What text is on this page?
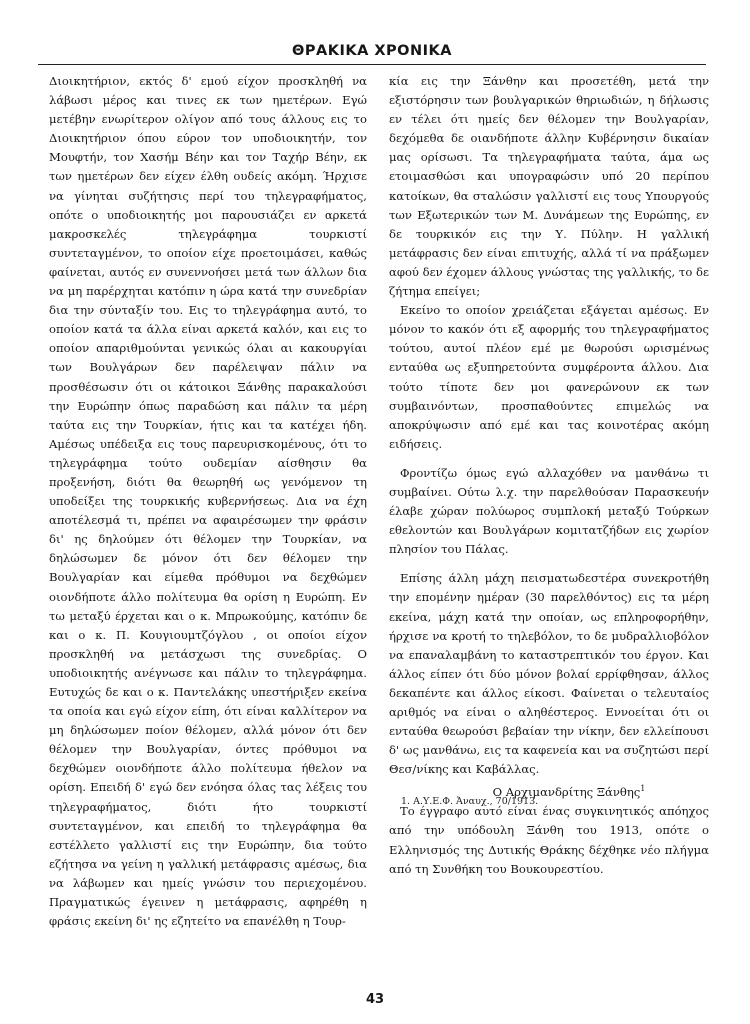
ΘΡΑΚΙΚΑ ΧΡΟΝΙΚΑ

Διοικητήριον, εκτός δ' εμού είχον προσκληθή να λάβωσι μέρος και τινες εκ των ημετέρων. Εγώ μετέβην ενωρίτερον ολίγον από τους άλλους εις το Διοικητήριον όπου εύρον τον υποδιοικητήν, τον Μουφτήν, τον Χασήμ Βέην και τον Ταχήρ Βέην, εκ των ημετέρων δεν είχεν έλθη ουδείς ακόμη. Ήρχισε να γίνηται συζήτησις περί του τηλεγραφήματος, οπότε ο υποδιοικητής μοι παρουσιάζει εν αρκετά μακροσκελές τηλεγράφημα τουρκιστί συντεταγμένον, το οποίον είχε προετοιμάσει, καθώς φαίνεται, αυτός εν συνεννοήσει μετά των άλλων δια να μη παρέρχηται κατόπιν η ώρα κατά την συνεδρίαν δια την σύνταξίν του. Εις το τηλεγράφημα αυτό, το οποίον κατά τα άλλα είναι αρκετά καλόν, και εις το οποίον απαριθμούνται γενικώς όλαι αι κακουργίαι των Βουλγάρων δεν παρέλειψαν πάλιν να προσθέσωσιν ότι οι κάτοικοι Ξάνθης παρακαλούσι την Ευρώπην όπως παραδώση και πάλιν τα μέρη ταύτα εις την Τουρκίαν, ήτις και τα κατέχει ήδη. Αμέσως υπέδειξα εις τους παρευρισκομένους, ότι το τηλεγράφημα τούτο ουδεμίαν αίσθησιν θα προξενήση, διότι θα θεωρηθή ως γενόμενον τη υποδείξει της τουρκικής κυβερνήσεως. Δια να έχη αποτέλεσμά τι, πρέπει να αφαιρέσωμεν την φράσιν δι' ης δηλούμεν ότι θέλομεν την Τουρκίαν, να δηλώσωμεν δε μόνον ότι δεν θέλομεν την Βουλγαρίαν και είμεθα πρόθυμοι να δεχθώμεν οιονδήποτε άλλο πολίτευμα θα ορίση η Ευρώπη. Εν τω μεταξύ έρχεται και ο κ. Μπρωκούμης, κατόπιν δε και ο κ. Π. Κουγιουμτζόγλου , οι οποίοι είχον προσκληθή να μετάσχωσι της συνεδρίας. Ο υποδιοικητής ανέγνωσε και πάλιν το τηλεγράφημα. Ευτυχώς δε και ο κ. Παντελάκης υπεστήριξεν εκείνα τα οποία και εγώ είχον είπη, ότι είναι καλλίτερον να μη δηλώσωμεν ποίον θέλομεν, αλλά μόνον ότι δεν θέλομεν την Βουλγαρίαν, όντες πρόθυμοι να δεχθώμεν οιονδήποτε άλλο πολίτευμα ήθελον να ορίση. Επειδή δ' εγώ δεν ενόησα όλας τας λέξεις του τηλεγραφήματος, διότι ήτο τουρκιστί συντεταγμένον, και επειδή το τηλεγράφημα θα εστέλλετο γαλλιστί εις την Ευρώπην, δια τούτο εζήτησα να γείνη η γαλλική μετάφρασις αμέσως, δια να λάβωμεν και ημείς γνώσιν του περιεχομένου. Πραγματικώς έγεινεν η μετάφρασις, αφηρέθη η φράσις εκείνη δι' ης εζητείτο να επανέλθη η Τουρ-

κία εις την Ξάνθην και προσετέθη, μετά την εξιστόρησιν των βουλγαρικών θηριωδιών, η δήλωσις εν τέλει ότι ημείς δεν θέλομεν την Βουλγαρίαν, δεχόμεθα δε οιανδήποτε άλλην Κυβέρνησιν δικαίαν μας ορίσωσι. Τα τηλεγραφήματα ταύτα, άμα ως ετοιμασθώσι και υπογραφώσιν υπό 20 περίπου κατοίκων, θα σταλώσιν γαλλιστί εις τους Υπουργούς των Εξωτερικών των Μ. Δυνάμεων της Ευρώπης, εν δε τουρκικόν εις την Υ. Πύλην. Η γαλλική μετάφρασις δεν είναι επιτυχής, αλλά τί να πράξωμεν αφού δεν έχομεν άλλους γνώστας της γαλλικής, το δε ζήτημα επείγει;

Εκείνο το οποίον χρειάζεται εξάγεται αμέσως. Εν μόνον το κακόν ότι εξ αφορμής του τηλεγραφήματος τούτου, αυτοί πλέον εμέ με θωρούσι ωρισμένως ενταύθα ως εξυπηρετούντα συμφέροντα άλλου. Δια τούτο τίποτε δεν μοι φανερώνουν εκ των συμβαινόντων, προσπαθούντες επιμελώς να αποκρύψωσιν από εμέ και τας κοινοτέρας ακόμη ειδήσεις.

Φροντίζω όμως εγώ αλλαχόθεν να μανθάνω τι συμβαίνει. Ούτω λ.χ. την παρελθούσαν Παρασκευήν έλαβε χώραν πολύωρος συμπλοκή μεταξύ Τούρκων εθελοντών και Βουλγάρων κομιτατζήδων εις χωρίον πλησίον του Πάλας.

Επίσης άλλη μάχη πεισματωδεστέρα συνεκροτήθη την επομένην ημέραν (30 παρελθόντος) εις τα μέρη εκείνα, μάχη κατά την οποίαν, ως επληροφορήθην, ήρχισε να κροτή το τηλεβόλον, το δε μυδραλλιοβόλον να επαναλαμβάνη το καταστρεπτικόν του έργον. Και άλλος είπεν ότι δύο μόνον βολαί ερρίφθησαν, άλλος δεκαπέντε και άλλος είκοσι. Φαίνεται ο τελευταίος αριθμός να είναι ο αληθέστερος. Εννοείται ότι οι ενταύθα θεωρούσι βεβαίαν την νίκην, δεν ελλείπουσι δ' ως μανθάνω, εις τα καφενεία και να συζητώσι περί Θεσ/νίκης και Καβάλλας.

Ο Αρχιμανδρίτης Ξάνθης$^1$

Το έγγραφο αυτό είναι ένας συγκινητικός απόηχος από την υπόδουλη Ξάνθη του 1913, οπότε ο Ελληνισμός της Δυτικής Θράκης δέχθηκε νέο πλήγμα από τη Συνθήκη του Βουκουρεστίου.

1. Α.Υ.Ε.Φ. Ἀναυχ., 70/1913.
43
